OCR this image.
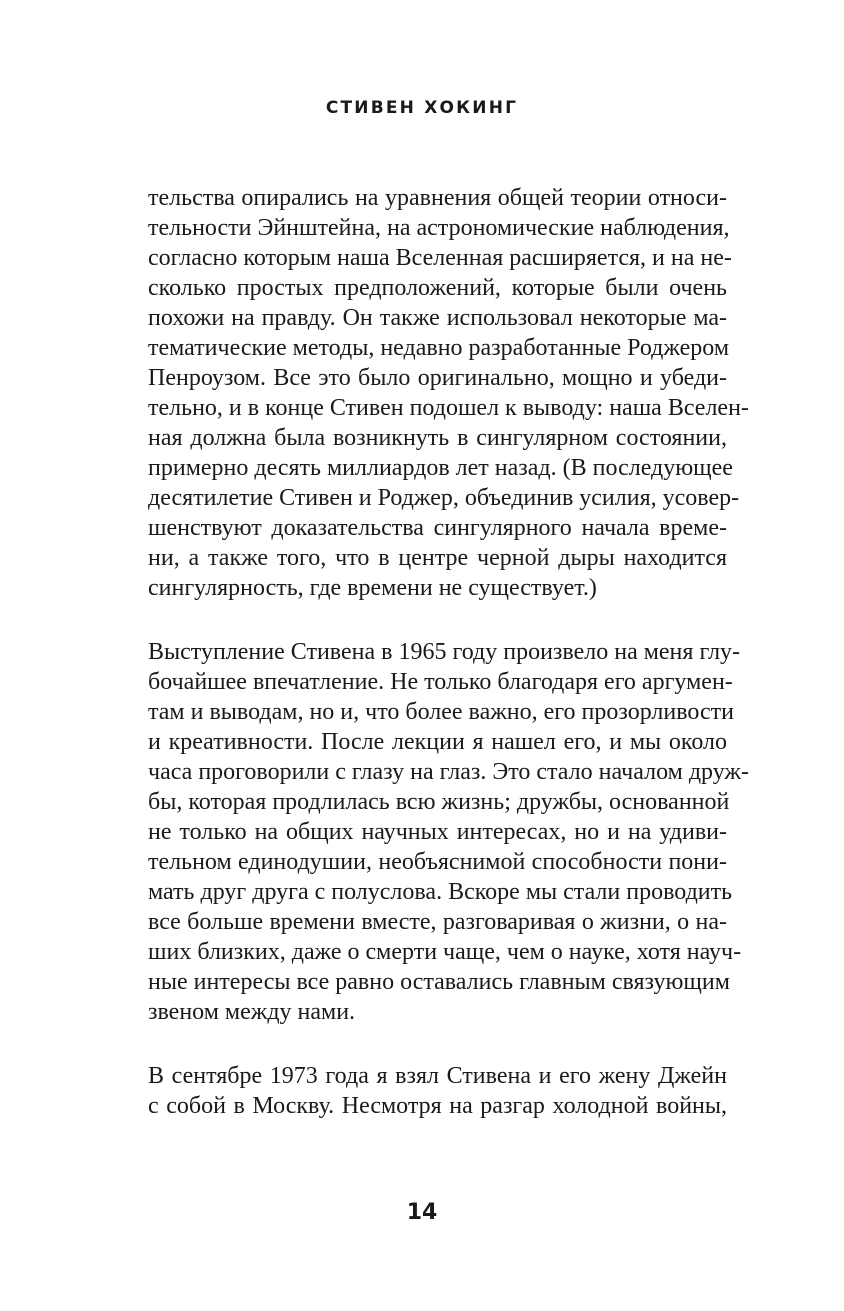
СТИВЕН ХОКИНГ
тельства опирались на уравнения общей теории относи-
тельности Эйнштейна, на астрономические наблюдения,
согласно которым наша Вселенная расширяется, и на не-
сколько простых предположений, которые были очень
похожи на правду. Он также использовал некоторые ма-
тематические методы, недавно разработанные Роджером
Пенроузом. Все это было оригинально, мощно и убеди-
тельно, и в конце Стивен подошел к выводу: наша Вселен-
ная должна была возникнуть в сингулярном состоянии,
примерно десять миллиардов лет назад. (В последующее
десятилетие Стивен и Роджер, объединив усилия, усовер-
шенствуют доказательства сингулярного начала време-
ни, а также того, что в центре черной дыры находится
сингулярность, где времени не существует.)
Выступление Стивена в 1965 году произвело на меня глу-
бочайшее впечатление. Не только благодаря его аргумен-
там и выводам, но и, что более важно, его прозорливости
и креативности. После лекции я нашел его, и мы около
часа проговорили с глазу на глаз. Это стало началом друж-
бы, которая продлилась всю жизнь; дружбы, основанной
не только на общих научных интересах, но и на удиви-
тельном единодушии, необъяснимой способности пони-
мать друг друга с полуслова. Вскоре мы стали проводить
все больше времени вместе, разговаривая о жизни, о на-
ших близких, даже о смерти чаще, чем о науке, хотя науч-
ные интересы все равно оставались главным связующим
звеном между нами.
В сентябре 1973 года я взял Стивена и его жену Джейн
с собой в Москву. Несмотря на разгар холодной войны,
14
